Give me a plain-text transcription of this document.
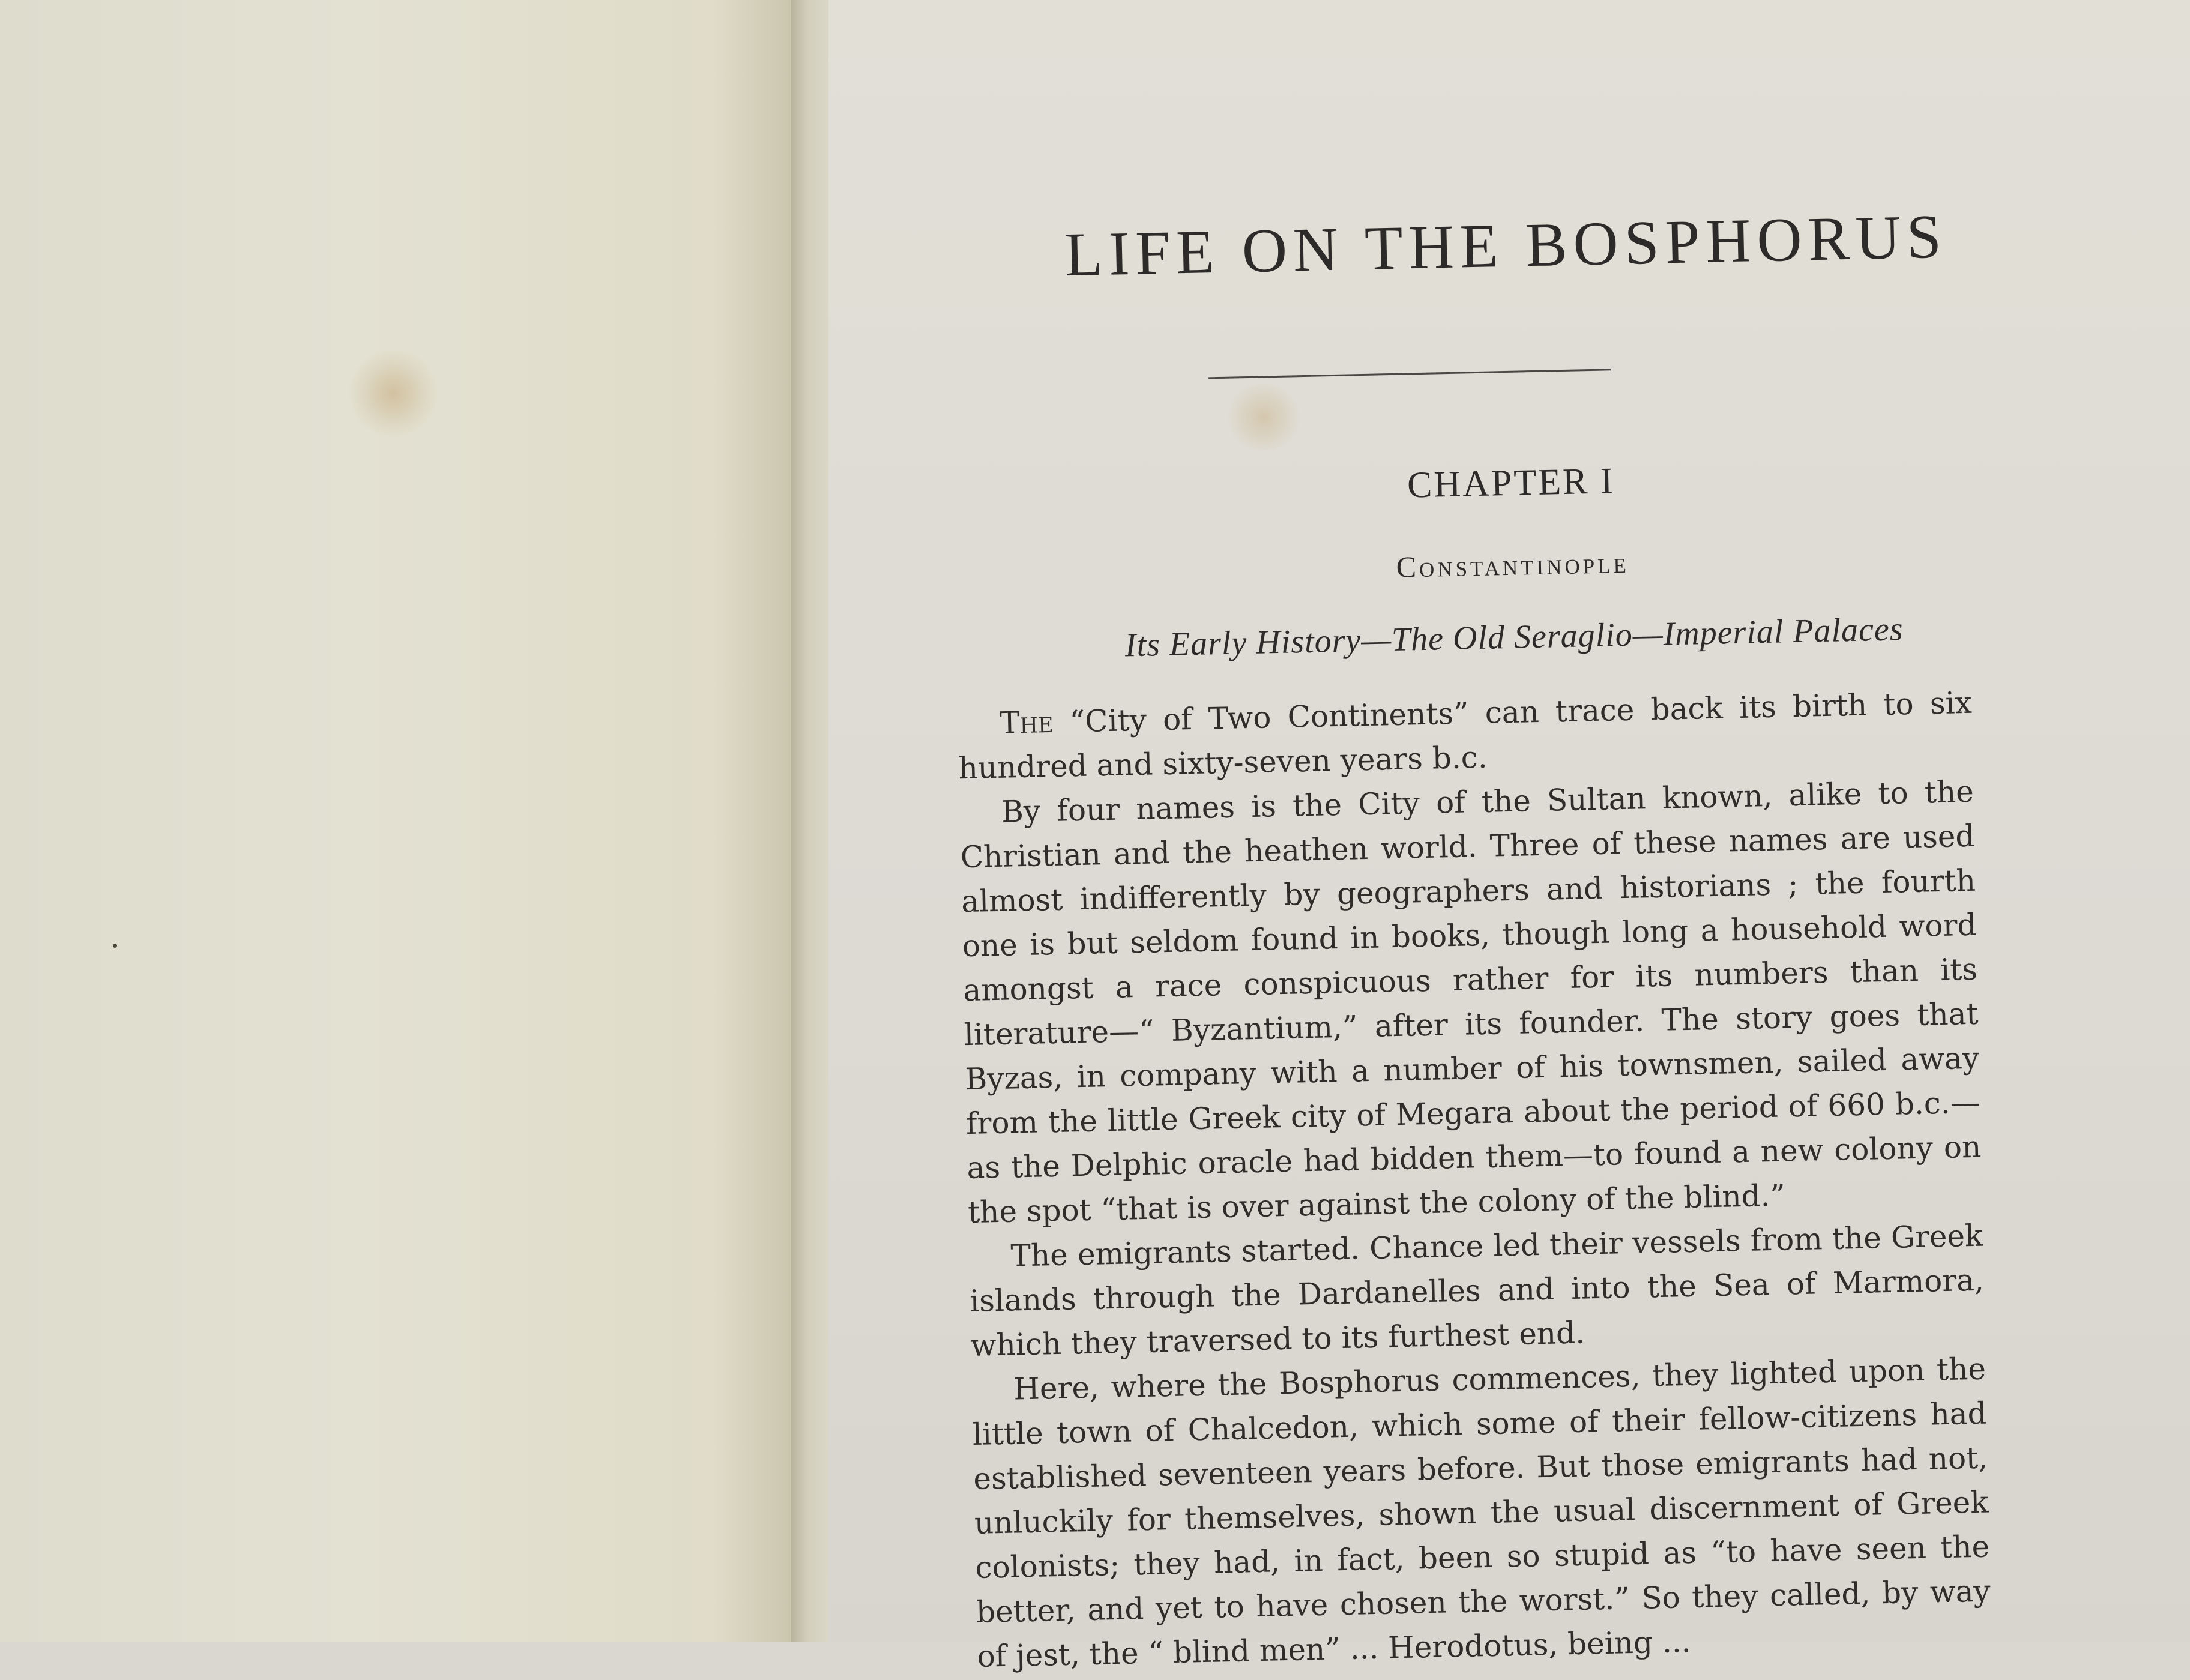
LIFE ON THE BOSPHORUS
CHAPTER I
Constantinople
Its Early History—The Old Seraglio—Imperial Palaces

The “City of Two Continents” can trace back its birth to six hundred and sixty-seven years b.c.

By four names is the City of the Sultan known, alike to the Christian and the heathen world. Three of these names are used almost indifferently by geographers and historians ; the fourth one is but seldom found in books, though long a household word amongst a race conspicuous rather for its numbers than its literature—“ Byzantium,” after its founder. The story goes that Byzas, in company with a number of his townsmen, sailed away from the little Greek city of Megara about the period of 660 b.c.—as the Delphic oracle had bidden them—to found a new colony on the spot “that is over against the colony of the blind.”

The emigrants started. Chance led their vessels from the Greek islands through the Dardanelles and into the Sea of Marmora, which they traversed to its furthest end.

Here, where the Bosphorus commences, they lighted upon the little town of Chalcedon, which some of their fellow-citizens had established seventeen years before. But those emigrants had not, unluckily for themselves, shown the usual discernment of Greek colonists; they had, in fact, been so stupid as “to have seen the better, and yet to have chosen the worst.” So they called, by way of jest, the “ blind men” ... Herodotus, being ...
